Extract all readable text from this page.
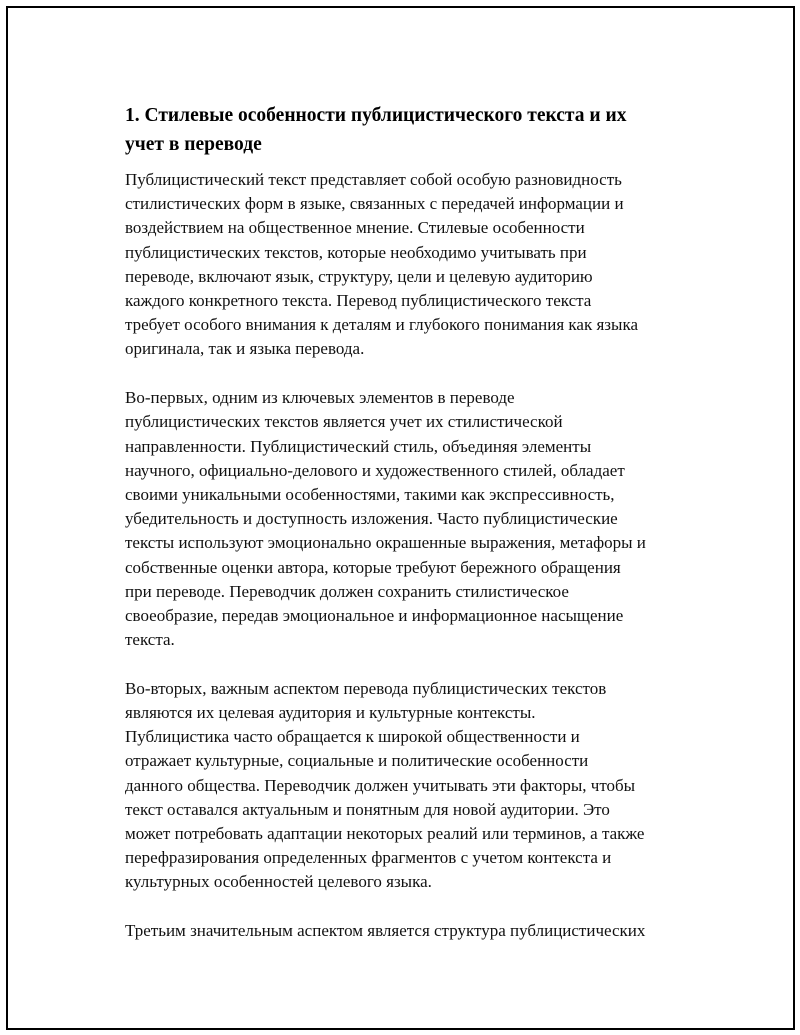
1. Стилевые особенности публицистического текста и их
учет в переводе

Публицистический текст представляет собой особую разновидность
стилистических форм в языке, связанных с передачей информации и
воздействием на общественное мнение. Стилевые особенности
публицистических текстов, которые необходимо учитывать при
переводе, включают язык, структуру, цели и целевую аудиторию
каждого конкретного текста. Перевод публицистического текста
требует особого внимания к деталям и глубокого понимания как языка
оригинала, так и языка перевода.

Во-первых, одним из ключевых элементов в переводе
публицистических текстов является учет их стилистической
направленности. Публицистический стиль, объединяя элементы
научного, официально-делового и художественного стилей, обладает
своими уникальными особенностями, такими как экспрессивность,
убедительность и доступность изложения. Часто публицистические
тексты используют эмоционально окрашенные выражения, метафоры и
собственные оценки автора, которые требуют бережного обращения
при переводе. Переводчик должен сохранить стилистическое
своеобразие, передав эмоциональное и информационное насыщение
текста.

Во-вторых, важным аспектом перевода публицистических текстов
являются их целевая аудитория и культурные контексты.
Публицистика часто обращается к широкой общественности и
отражает культурные, социальные и политические особенности
данного общества. Переводчик должен учитывать эти факторы, чтобы
текст оставался актуальным и понятным для новой аудитории. Это
может потребовать адаптации некоторых реалий или терминов, а также
перефразирования определенных фрагментов с учетом контекста и
культурных особенностей целевого языка.

Третьим значительным аспектом является структура публицистических
